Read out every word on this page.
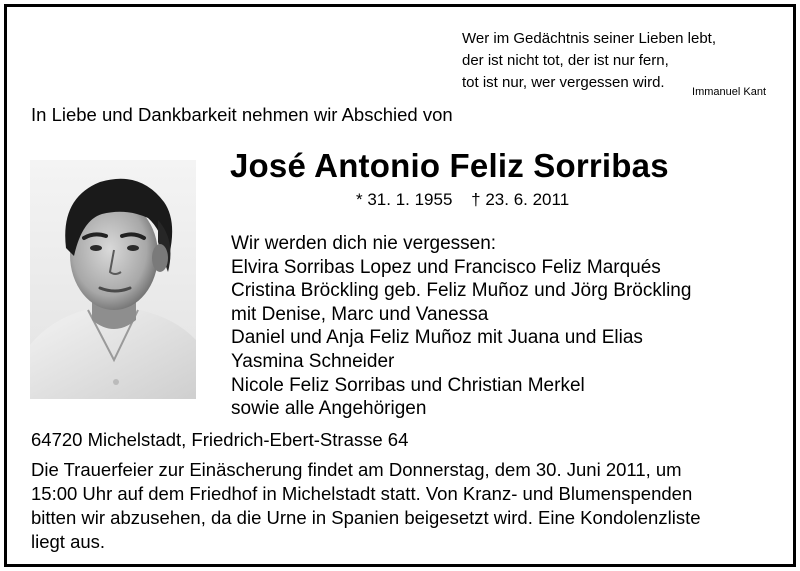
Wer im Gedächtnis seiner Lieben lebt,
der ist nicht tot, der ist nur fern,
tot ist nur, wer vergessen wird.
Immanuel Kant
In Liebe und Dankbarkeit nehmen wir Abschied von
José Antonio Feliz Sorribas
* 31. 1. 1955 † 23. 6. 2011
Wir werden dich nie vergessen:
Elvira Sorribas Lopez und Francisco Feliz Marqués
Cristina Bröckling geb. Feliz Muñoz und Jörg Bröckling
mit Denise, Marc und Vanessa
Daniel und Anja Feliz Muñoz mit Juana und Elias
Yasmina Schneider
Nicole Feliz Sorribas und Christian Merkel
sowie alle Angehörigen
64720 Michelstadt, Friedrich-Ebert-Strasse 64
Die Trauerfeier zur Einäscherung findet am Donnerstag, dem 30. Juni 2011, um
15:00 Uhr auf dem Friedhof in Michelstadt statt. Von Kranz- und Blumenspenden
bitten wir abzusehen, da die Urne in Spanien beigesetzt wird. Eine Kondolenzliste
liegt aus.
